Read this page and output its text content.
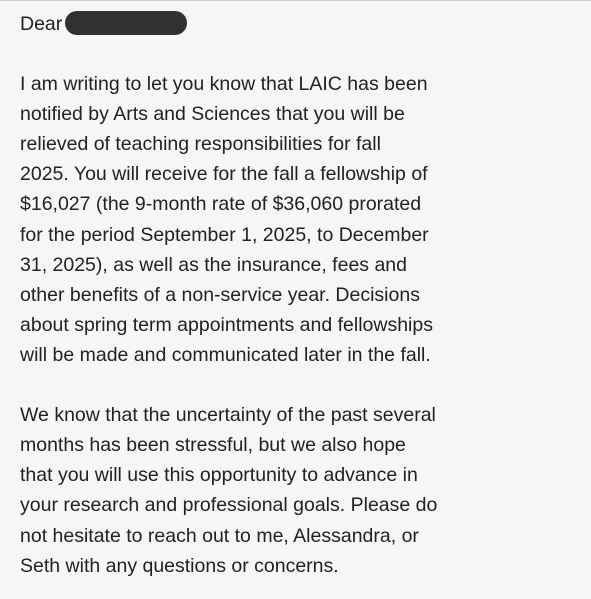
Dear
I am writing to let you know that LAIC has been
notified by Arts and Sciences that you will be
relieved of teaching responsibilities for fall
2025. You will receive for the fall a fellowship of
$16,027 (the 9-month rate of $36,060 prorated
for the period September 1, 2025, to December
31, 2025), as well as the insurance, fees and
other benefits of a non-service year. Decisions
about spring term appointments and fellowships
will be made and communicated later in the fall.
We know that the uncertainty of the past several
months has been stressful, but we also hope
that you will use this opportunity to advance in
your research and professional goals. Please do
not hesitate to reach out to me, Alessandra, or
Seth with any questions or concerns.
